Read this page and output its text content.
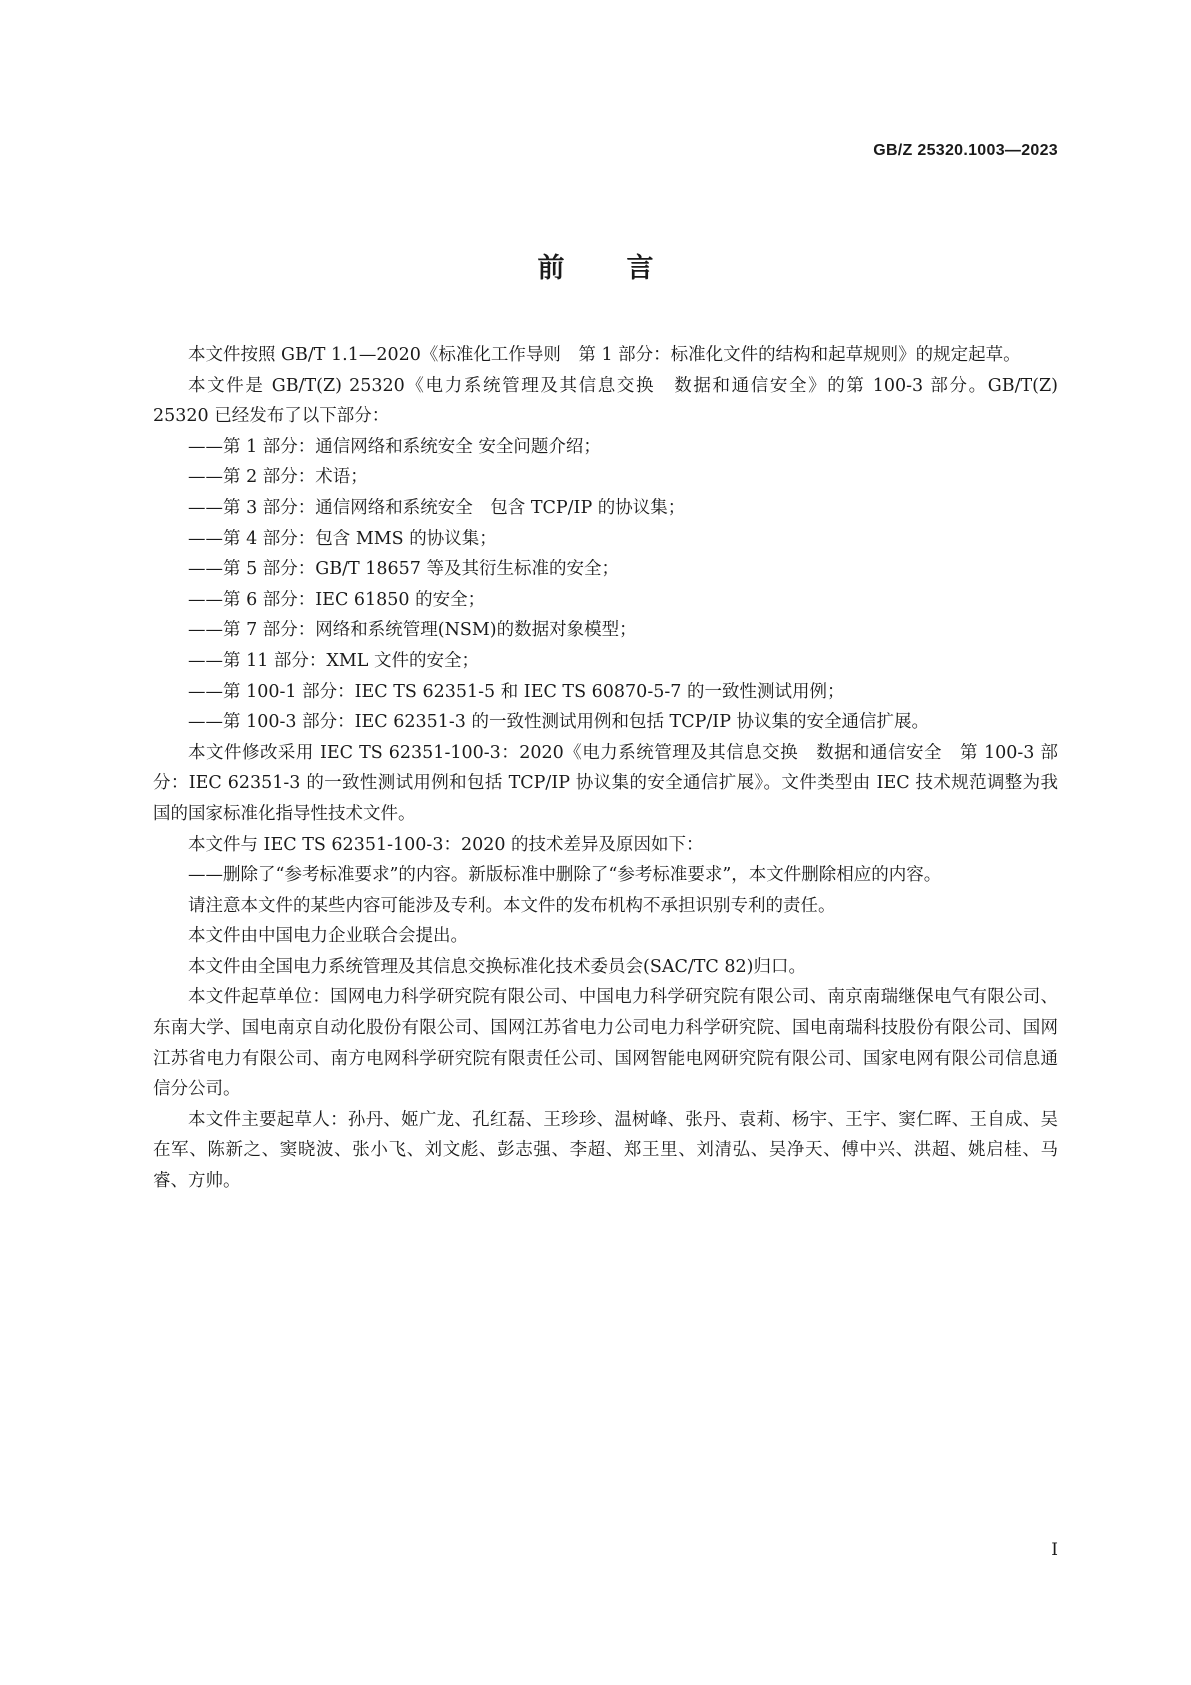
GB/Z 25320.1003—2023
前言

本文件按照 GB/T 1.1—2020《标准化工作导则　第 1 部分：标准化文件的结构和起草规则》的规定起草。

本文件是 GB/T(Z) 25320《电力系统管理及其信息交换　数据和通信安全》的第 100-3 部分。GB/T(Z) 25320 已经发布了以下部分：

——第 1 部分：通信网络和系统安全 安全问题介绍；

——第 2 部分：术语；

——第 3 部分：通信网络和系统安全　包含 TCP/IP 的协议集；

——第 4 部分：包含 MMS 的协议集；

——第 5 部分：GB/T 18657 等及其衍生标准的安全；

——第 6 部分：IEC 61850 的安全；

——第 7 部分：网络和系统管理(NSM)的数据对象模型；

——第 11 部分：XML 文件的安全；

——第 100-1 部分：IEC TS 62351-5 和 IEC TS 60870-5-7 的一致性测试用例；

——第 100-3 部分：IEC 62351-3 的一致性测试用例和包括 TCP/IP 协议集的安全通信扩展。

本文件修改采用 IEC TS 62351-100-3：2020《电力系统管理及其信息交换　数据和通信安全　第 100-3 部分：IEC 62351-3 的一致性测试用例和包括 TCP/IP 协议集的安全通信扩展》。文件类型由 IEC 技术规范调整为我国的国家标准化指导性技术文件。

本文件与 IEC TS 62351-100-3：2020 的技术差异及原因如下：

——删除了“参考标准要求”的内容。新版标准中删除了“参考标准要求”，本文件删除相应的内容。

请注意本文件的某些内容可能涉及专利。本文件的发布机构不承担识别专利的责任。

本文件由中国电力企业联合会提出。

本文件由全国电力系统管理及其信息交换标准化技术委员会(SAC/TC 82)归口。

本文件起草单位：国网电力科学研究院有限公司、中国电力科学研究院有限公司、南京南瑞继保电气有限公司、东南大学、国电南京自动化股份有限公司、国网江苏省电力公司电力科学研究院、国电南瑞科技股份有限公司、国网江苏省电力有限公司、南方电网科学研究院有限责任公司、国网智能电网研究院有限公司、国家电网有限公司信息通信分公司。

本文件主要起草人：孙丹、姬广龙、孔红磊、王珍珍、温树峰、张丹、袁莉、杨宇、王宇、窦仁晖、王自成、吴在军、陈新之、窦晓波、张小飞、刘文彪、彭志强、李超、郑王里、刘清弘、吴净天、傅中兴、洪超、姚启桂、马睿、方帅。

I
